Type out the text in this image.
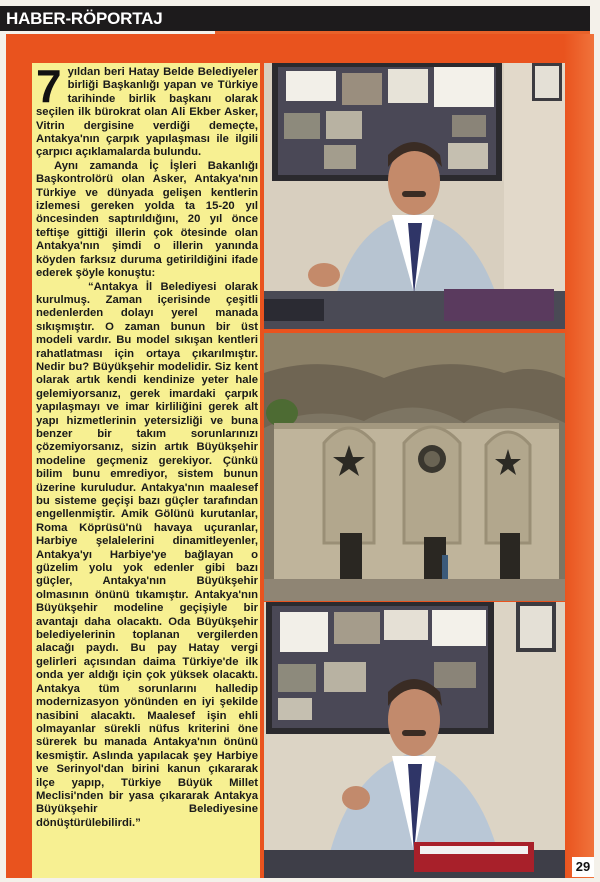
HABER-RÖPORTAJ

7 yıldan beri Hatay Belde Belediyeler birliği Başkanlığı yapan ve Türkiye tarihinde birlik başkanı olarak seçilen ilk bürokrat olan Ali Ekber Asker, Vitrin dergisine verdiği demeçte, Antakya'nın çarpık yapılaşması ile ilgili çarpıcı açıklamalarda bulundu.

Aynı zamanda İç İşleri Bakanlığı Başkontrolörü olan Asker, Antakya'nın Türkiye ve dünyada gelişen kentlerin izlemesi gereken yolda ta 15-20 yıl öncesinden saptırıldığını, 20 yıl önce teftişe gittiği illerin çok ötesinde olan Antakya'nın şimdi o illerin yanında köyden farksız duruma getirildiğini ifade ederek şöyle konuştu:

“Antakya İl Belediyesi olarak kurulmuş. Zaman içerisinde çeşitli nedenlerden dolayı yerel manada sıkışmıştır. O zaman bunun bir üst modeli vardır. Bu model sıkışan kentleri rahatlatması için ortaya çıkarılmıştır. Nedir bu? Büyükşehir modelidir. Siz kent olarak artık kendi kendinize yeter hale gelemiyorsanız, gerek imardaki çarpık yapılaşmayı ve imar kirliliğini gerek alt yapı hizmetlerinin yetersizliği ve buna benzer bir takım sorunlarınızı çözemiyorsanız, sizin artık Büyükşehir modeline geçmeniz gerekiyor. Çünkü bilim bunu emrediyor, sistem bunun üzerine kuruludur. Antakya'nın maalesef bu sisteme geçişi bazı güçler tarafından engellenmiştir. Amik Gölünü kurutanlar, Roma Köprüsü'nü havaya uçuranlar, Harbiye şelalelerini dinamitleyenler, Antakya'yı Harbiye'ye bağlayan o güzelim yolu yok edenler gibi bazı güçler, Antakya'nın Büyükşehir olmasının önünü tıkamıştır. Antakya'nın Büyükşehir modeline geçişiyle bir avantajı daha olacaktı. Oda Büyükşehir belediyelerinin toplanan vergilerden alacağı paydı. Bu pay Hatay vergi gelirleri açısından daima Türkiye'de ilk onda yer aldığı için çok yüksek olacaktı. Antakya tüm sorunlarını halledip modernizasyon yönünden en iyi şekilde nasibini alacaktı. Maalesef işin ehli olmayanlar sürekli nüfus kriterini öne sürerek bu manada Antakya'nın önünü kesmiştir. Aslında yapılacak şey Harbiye ve Serinyol'dan birini kanun çıkararak ilçe yapıp, Türkiye Büyük Millet Meclisi'nden bir yasa çıkararak Antakya Büyükşehir Belediyesine dönüştürülebilirdi.”

29
